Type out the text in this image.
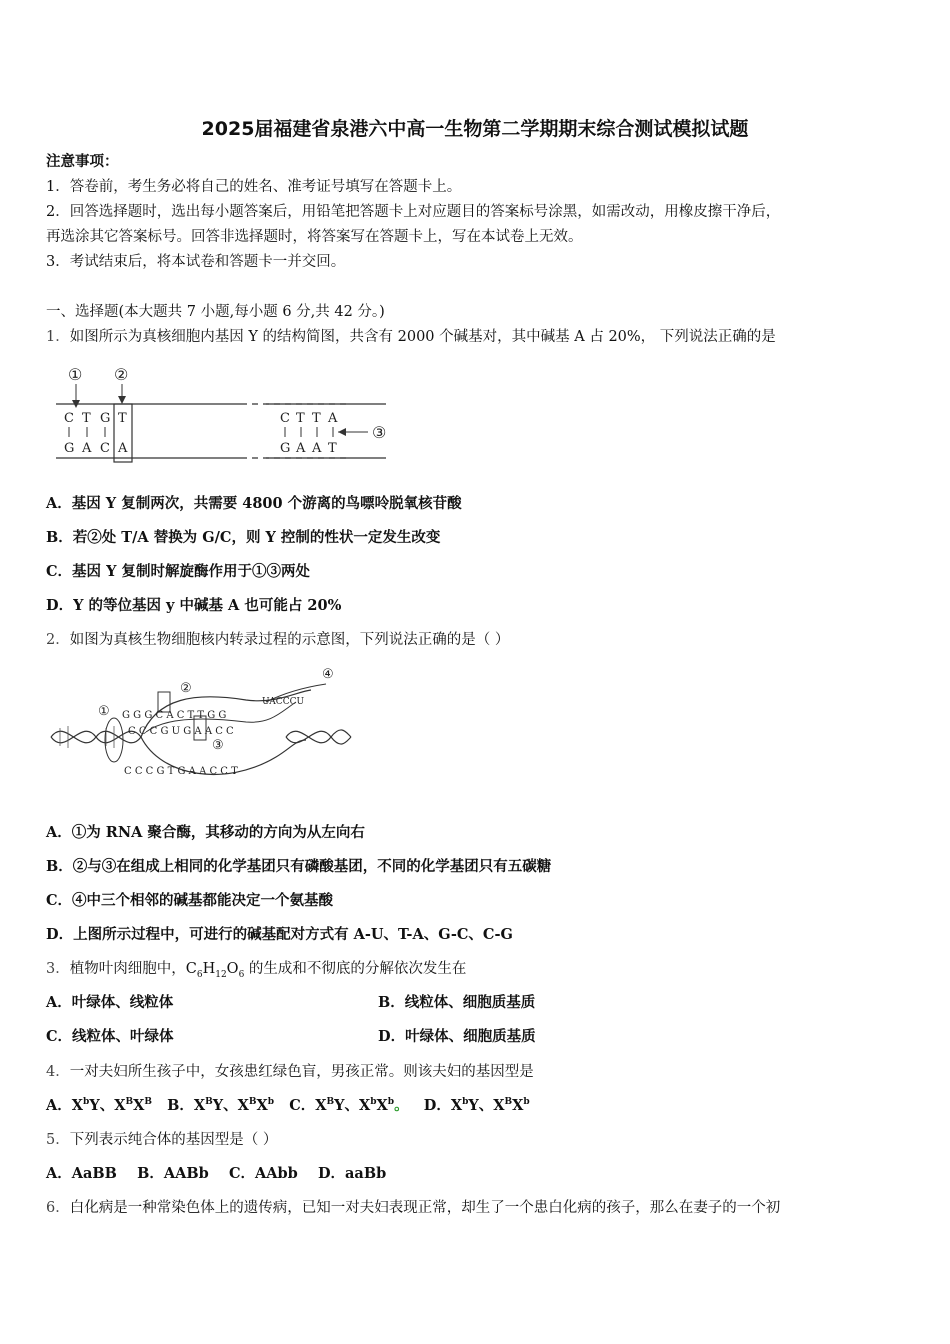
2025届福建省泉港六中高一生物第二学期期末综合测试模拟试题
注意事项：
1．答卷前，考生务必将自己的姓名、准考证号填写在答题卡上。
2．回答选择题时，选出每小题答案后，用铅笔把答题卡上对应题目的答案标号涂黑，如需改动，用橡皮擦干净后，
再选涂其它答案标号。回答非选择题时，将答案写在答题卡上，写在本试卷上无效。
3．考试结束后，将本试卷和答题卡一并交回。
一、选择题(本大题共 7 小题,每小题 6 分,共 42 分。)
1．如图所示为真核细胞内基因 Y 的结构简图，共含有 2000 个碱基对，其中碱基 A 占 20%， 下列说法正确的是
① ②
C T G T
G A C A
C T T A
G A A T
③
A．基因 Y 复制两次，共需要 4800 个游离的鸟嘌呤脱氧核苷酸
B．若②处 T/A 替换为 G/C，则 Y 控制的性状一定发生改变
C．基因 Y 复制时解旋酶作用于①③两处
D．Y 的等位基因 y 中碱基 A 也可能占 20%
2．如图为真核生物细胞核内转录过程的示意图，下列说法正确的是（ ）
①
②
③
④
G G G C A C T T G G
C C C G U G A A C C
UACCCU
C C C G T G A A C C T
A．①为 RNA 聚合酶，其移动的方向为从左向右
B．②与③在组成上相同的化学基团只有磷酸基团，不同的化学基团只有五碳糖
C．④中三个相邻的碱基都能决定一个氨基酸
D．上图所示过程中，可进行的碱基配对方式有 A-U、T-A、G-C、C-G
3．植物叶肉细胞中，$C_6H_{12}O_6$ 的生成和不彻底的分解依次发生在
A．叶绿体、线粒体	B．线粒体、细胞质基质
C．线粒体、叶绿体	D．叶绿体、细胞质基质
4．一对夫妇所生孩子中，女孩患红绿色盲，男孩正常。则该夫妇的基因型是
A．$X^bY$、$X^BX^B$ B．$X^BY$、$X^BX^b$ C．$X^BY$、$X^bX^b$。 D．$X^bY$、$X^BX^b$
5．下列表示纯合体的基因型是（ ）
A．AaBB    B．AABb    C．AAbb    D．aaBb
6．白化病是一种常染色体上的遗传病，已知一对夫妇表现正常，却生了一个患白化病的孩子，那么在妻子的一个初
